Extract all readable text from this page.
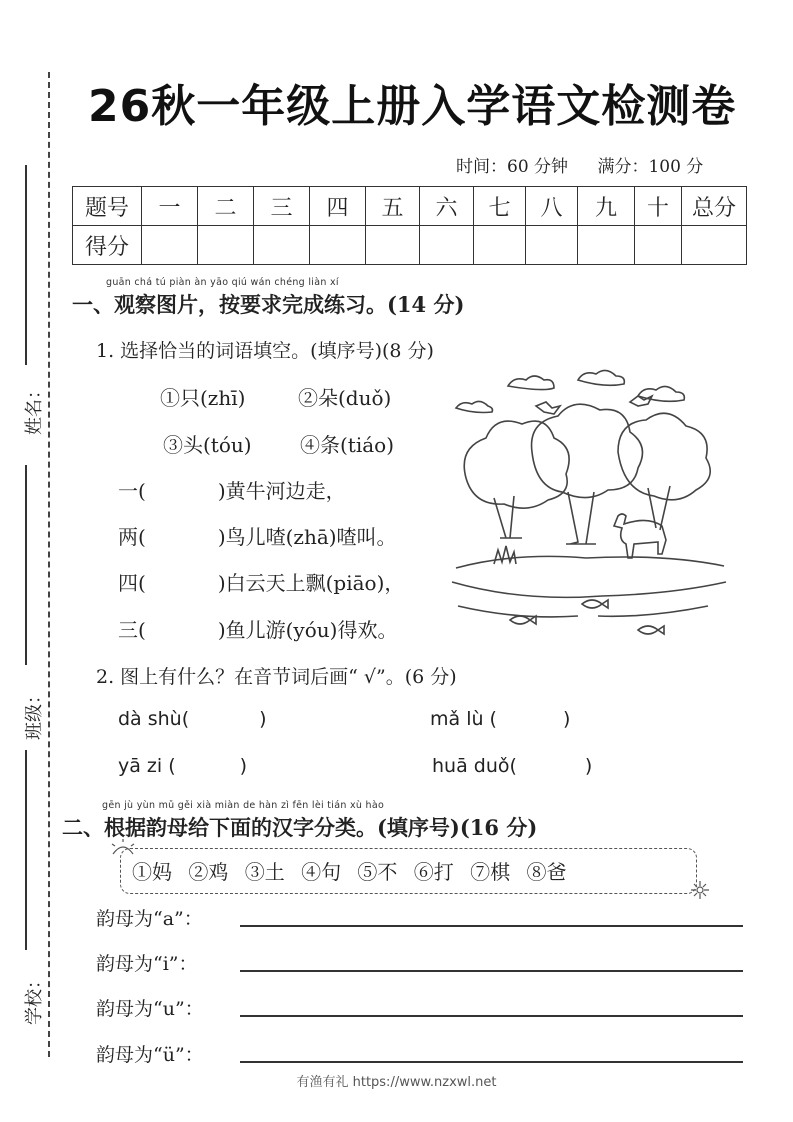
姓名：
班级：
学校：
26秋一年级上册入学语文检测卷
时间：60 分钟 满分：100 分
题号	一	二	三	四	五	六	七	八	九	十	总分
得分											
guān chá tú piàn àn yāo qiú wán chéng liàn xí
一、观察图片，按要求完成练习。(14 分)
1. 选择恰当的词语填空。(填序号)(8 分)
①只(zhī)	②朵(duǒ)
③头(tóu) ④条(tiáo)
一(	)黄牛河边走，
两(	)鸟儿喳(zhā)喳叫。
四(	)白云天上飘(piāo)，
三(	)鱼儿游(yóu)得欢。
2. 图上有什么？在音节词后画“ √”。(6 分)
dà shù(	)	mǎ lù (	)
yā zi (	)	huā duǒ(	)
gēn jù yùn mǔ gěi xià miàn de hàn zì fēn lèi tián xù hào
二、根据韵母给下面的汉字分类。(填序号)(16 分)
①妈 ②鸡 ③土 ④句 ⑤不 ⑥打 ⑦棋 ⑧爸
韵母为“a”：
韵母为“i”：
韵母为“u”：
韵母为“ü”：
有渔有礼 https://www.nzxwl.net
